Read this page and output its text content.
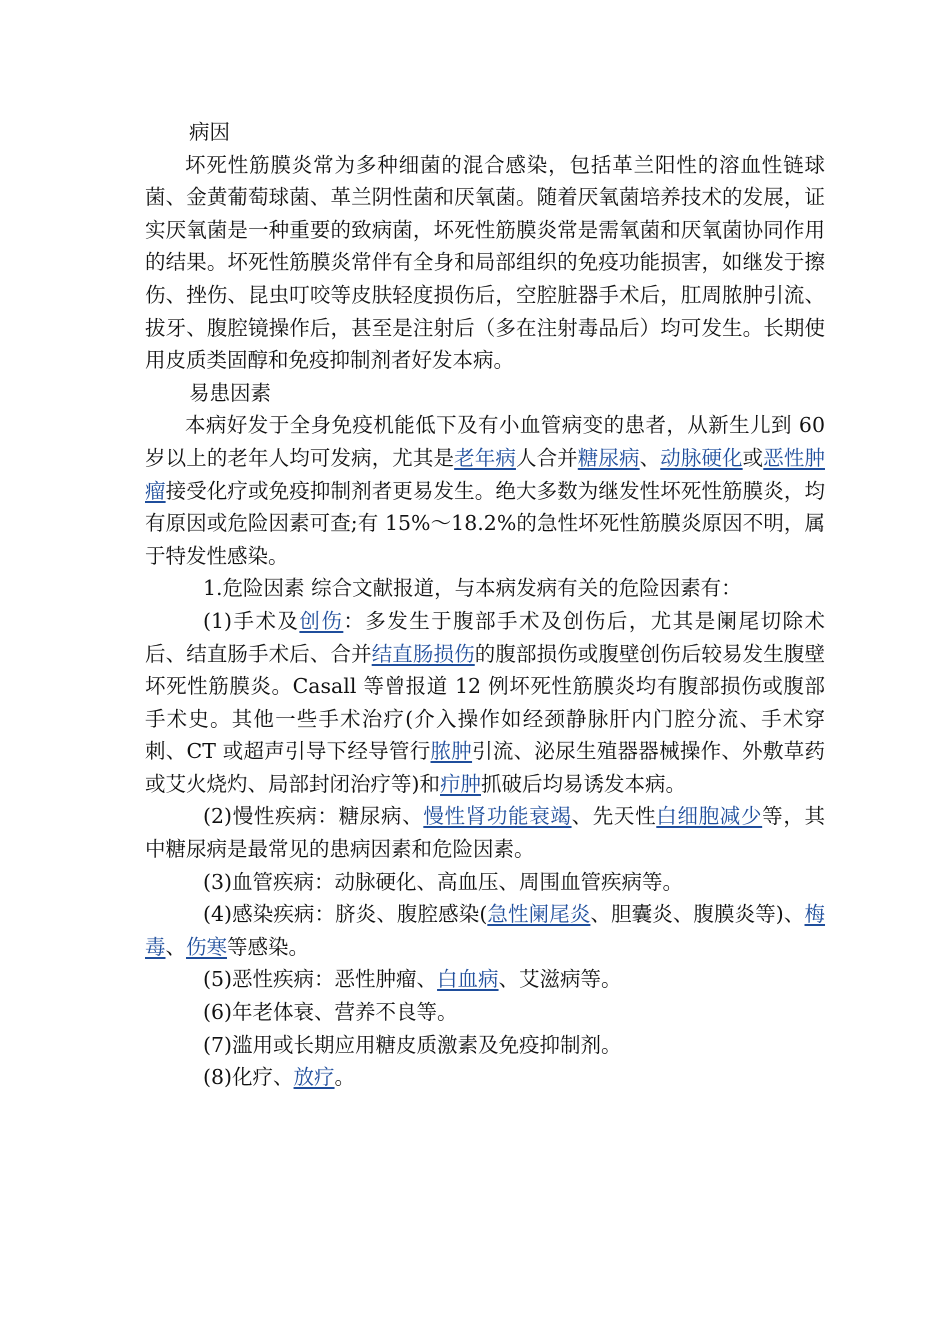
病因

坏死性筋膜炎常为多种细菌的混合感染，包括革兰阳性的溶血性链球菌、金黄葡萄球菌、革兰阴性菌和厌氧菌。随着厌氧菌培养技术的发展，证实厌氧菌是一种重要的致病菌，坏死性筋膜炎常是需氧菌和厌氧菌协同作用的结果。坏死性筋膜炎常伴有全身和局部组织的免疫功能损害，如继发于擦伤、挫伤、昆虫叮咬等皮肤轻度损伤后，空腔脏器手术后，肛周脓肿引流、拔牙、腹腔镜操作后，甚至是注射后（多在注射毒品后）均可发生。长期使用皮质类固醇和免疫抑制剂者好发本病。

易患因素

本病好发于全身免疫机能低下及有小血管病变的患者，从新生儿到 60 岁以上的老年人均可发病，尤其是老年病人合并糖尿病、动脉硬化或恶性肿瘤接受化疗或免疫抑制剂者更易发生。绝大多数为继发性坏死性筋膜炎，均有原因或危险因素可查;有 15%～18.2%的急性坏死性筋膜炎原因不明，属于特发性感染。

1.危险因素 综合文献报道，与本病发病有关的危险因素有：

(1)手术及创伤：多发生于腹部手术及创伤后，尤其是阑尾切除术后、结直肠手术后、合并结直肠损伤的腹部损伤或腹壁创伤后较易发生腹壁坏死性筋膜炎。Casall 等曾报道 12 例坏死性筋膜炎均有腹部损伤或腹部手术史。其他一些手术治疗(介入操作如经颈静脉肝内门腔分流、手术穿刺、CT 或超声引导下经导管行脓肿引流、泌尿生殖器器械操作、外敷草药或艾火烧灼、局部封闭治疗等)和疖肿抓破后均易诱发本病。

(2)慢性疾病：糖尿病、慢性肾功能衰竭、先天性白细胞减少等，其中糖尿病是最常见的患病因素和危险因素。

(3)血管疾病：动脉硬化、高血压、周围血管疾病等。

(4)感染疾病：脐炎、腹腔感染(急性阑尾炎、胆囊炎、腹膜炎等)、梅毒、伤寒等感染。

(5)恶性疾病：恶性肿瘤、白血病、艾滋病等。

(6)年老体衰、营养不良等。

(7)滥用或长期应用糖皮质激素及免疫抑制剂。

(8)化疗、放疗。
